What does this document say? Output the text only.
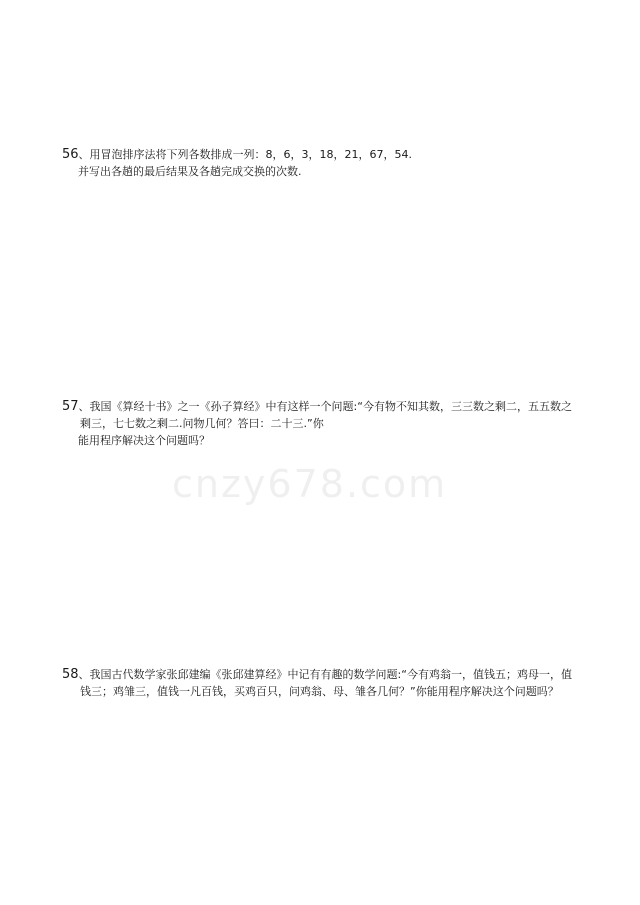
56、用冒泡排序法将下列各数排成一列：8，6，3，18，21，67，54.
并写出各趟的最后结果及各趟完成交换的次数.
57、我国《算经十书》之一《孙子算经》中有这样一个问题:“今有物不知其数，三三数之剩二，五五数之
剩三，七七数之剩二.问物几何？答曰：二十三.”你
能用程序解决这个问题吗？
cnzy678.com
58、我国古代数学家张邱建编《张邱建算经》中记有有趣的数学问题:“今有鸡翁一，值钱五；鸡母一，值
钱三；鸡雏三，值钱一凡百钱，买鸡百只，问鸡翁、母、雏各几何？”你能用程序解决这个问题吗？
